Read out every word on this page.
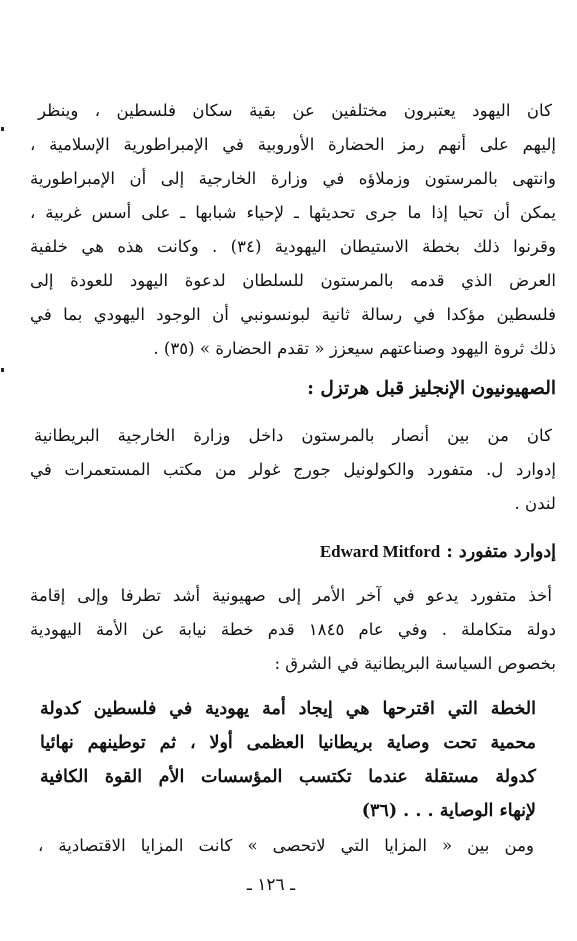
كان اليهود يعتبرون مختلفين عن بقية سكان فلسطين ، وينظر
إليهم على أنهم رمز الحضارة الأوروبية في الإمبراطورية الإسلامية ،
وانتهى بالمرستون وزملاؤه في وزارة الخارجية إلى أن الإمبراطورية
يمكن أن تحيا إذا ما جرى تحديثها ـ لإحياء شبابها ـ على أسس غربية ،
وقرنوا ذلك بخطة الاستيطان اليهودية (٣٤) . وكانت هذه هي خلفية
العرض الذي قدمه بالمرستون للسلطان لدعوة اليهود للعودة إلى
فلسطين مؤكدا في رسالة ثانية لبونسونبي أن الوجود اليهودي بما في
ذلك ثروة اليهود وصناعتهم سيعزز « تقدم الحضارة » (٣٥) .
الصهيونيون الإنجليز قبل هرتزل :
كان من بين أنصار بالمرستون داخل وزارة الخارجية البريطانية
إدوارد ل. متفورد والكولونيل جورج غولر من مكتب المستعمرات في
لندن .
إدوارد متفورد : Edward Mitford
أخذ متفورد يدعو في آخر الأمر إلى صهيونية أشد تطرفا وإلى إقامة
دولة متكاملة . وفي عام ١٨٤٥ قدم خطة نيابة عن الأمة اليهودية
بخصوص السياسة البريطانية في الشرق :
الخطة التي اقترحها هي إيجاد أمة يهودية في فلسطين كدولة
محمية تحت وصاية بريطانيا العظمى أولا ، ثم توطينهم نهائيا
كدولة مستقلة عندما تكتسب المؤسسات الأم القوة الكافية
لإنهاء الوصاية . . . (٣٦)
ومن بين « المزايا التي لاتحصى » كانت المزايا الاقتصادية ،
ـ ١٢٦ ـ
